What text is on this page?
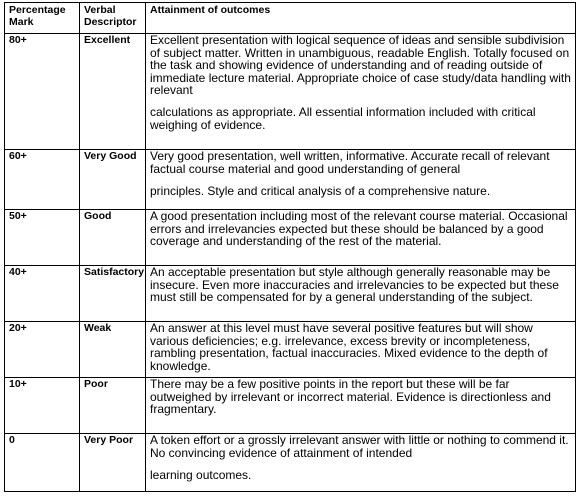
Percentage Mark	Verbal Descriptor	Attainment of outcomes
80+	Excellent	Excellent presentation with logical sequence of ideas and sensible subdivision of subject matter. Written in unambiguous, readable English. Totally focused on the task and showing evidence of understanding and of reading outside of immediate lecture material. Appropriate choice of case study/data handling with relevant

calculations as appropriate. All essential information included with critical weighing of evidence.

60+	Very Good	Very good presentation, well written, informative. Accurate recall of relevant factual course material and good understanding of general

principles. Style and critical analysis of a comprehensive nature.

50+	Good	A good presentation including most of the relevant course material. Occasional errors and irrelevancies expected but these should be balanced by a good coverage and understanding of the rest of the material.

40+	Satisfactory	An acceptable presentation but style although generally reasonable may be insecure. Even more inaccuracies and irrelevancies to be expected but these must still be compensated for by a general understanding of the subject.

20+	Weak	An answer at this level must have several positive features but will show various deficiencies; e.g. irrelevance, excess brevity or incompleteness, rambling presentation, factual inaccuracies. Mixed evidence to the depth of knowledge.

10+	Poor	There may be a few positive points in the report but these will be far outweighed by irrelevant or incorrect material. Evidence is directionless and fragmentary.

0	Very Poor	A token effort or a grossly irrelevant answer with little or nothing to commend it. No convincing evidence of attainment of intended

learning outcomes.
